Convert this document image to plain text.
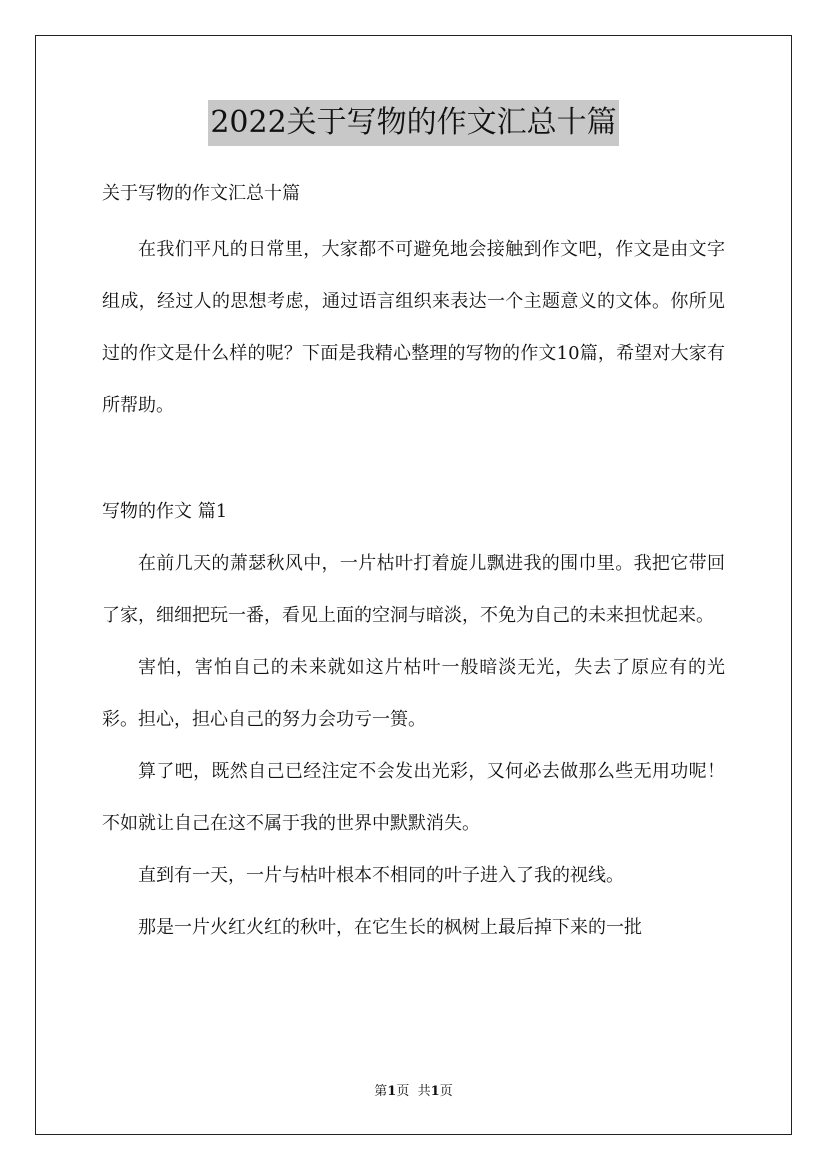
2022关于写物的作文汇总十篇

关于写物的作文汇总十篇

在我们平凡的日常里，大家都不可避免地会接触到作文吧，作文是由文字组成，经过人的思想考虑，通过语言组织来表达一个主题意义的文体。你所见过的作文是什么样的呢？下面是我精心整理的写物的作文10篇，希望对大家有所帮助。

写物的作文 篇1

在前几天的萧瑟秋风中，一片枯叶打着旋儿飘进我的围巾里。我把它带回了家，细细把玩一番，看见上面的空洞与暗淡，不免为自己的未来担忧起来。

害怕，害怕自己的未来就如这片枯叶一般暗淡无光，失去了原应有的光彩。担心，担心自己的努力会功亏一篑。

算了吧，既然自己已经注定不会发出光彩，又何必去做那么些无用功呢！不如就让自己在这不属于我的世界中默默消失。

直到有一天，一片与枯叶根本不相同的叶子进入了我的视线。

那是一片火红火红的秋叶，在它生长的枫树上最后掉下来的一批

第1页 共1页
